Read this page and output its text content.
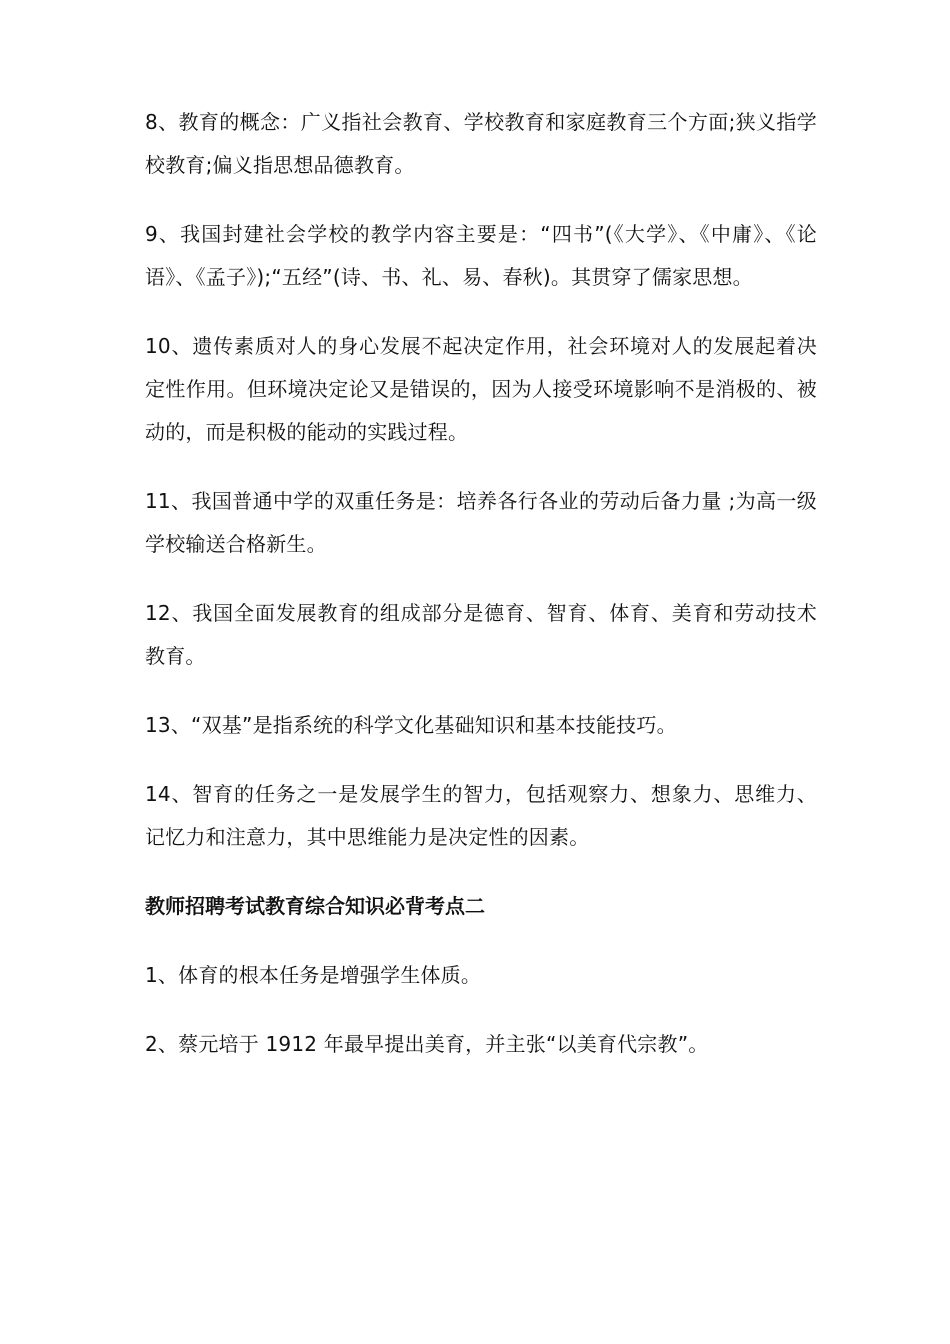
8、教育的概念：广义指社会教育、学校教育和家庭教育三个方面;狭义指学校教育;偏义指思想品德教育。

9、我国封建社会学校的教学内容主要是：“四书”(《大学》、《中庸》、《论语》、《孟子》);“五经”(诗、书、礼、易、春秋)。其贯穿了儒家思想。

10、遗传素质对人的身心发展不起决定作用，社会环境对人的发展起着决定性作用。但环境决定论又是错误的，因为人接受环境影响不是消极的、被动的，而是积极的能动的实践过程。

11、我国普通中学的双重任务是：培养各行各业的劳动后备力量 ;为高一级学校输送合格新生。

12、我国全面发展教育的组成部分是德育、智育、体育、美育和劳动技术教育。

13、“双基”是指系统的科学文化基础知识和基本技能技巧。

14、智育的任务之一是发展学生的智力，包括观察力、想象力、思维力、记忆力和注意力，其中思维能力是决定性的因素。

教师招聘考试教育综合知识必背考点二

1、体育的根本任务是增强学生体质。

2、蔡元培于 1912 年最早提出美育，并主张“以美育代宗教”。
